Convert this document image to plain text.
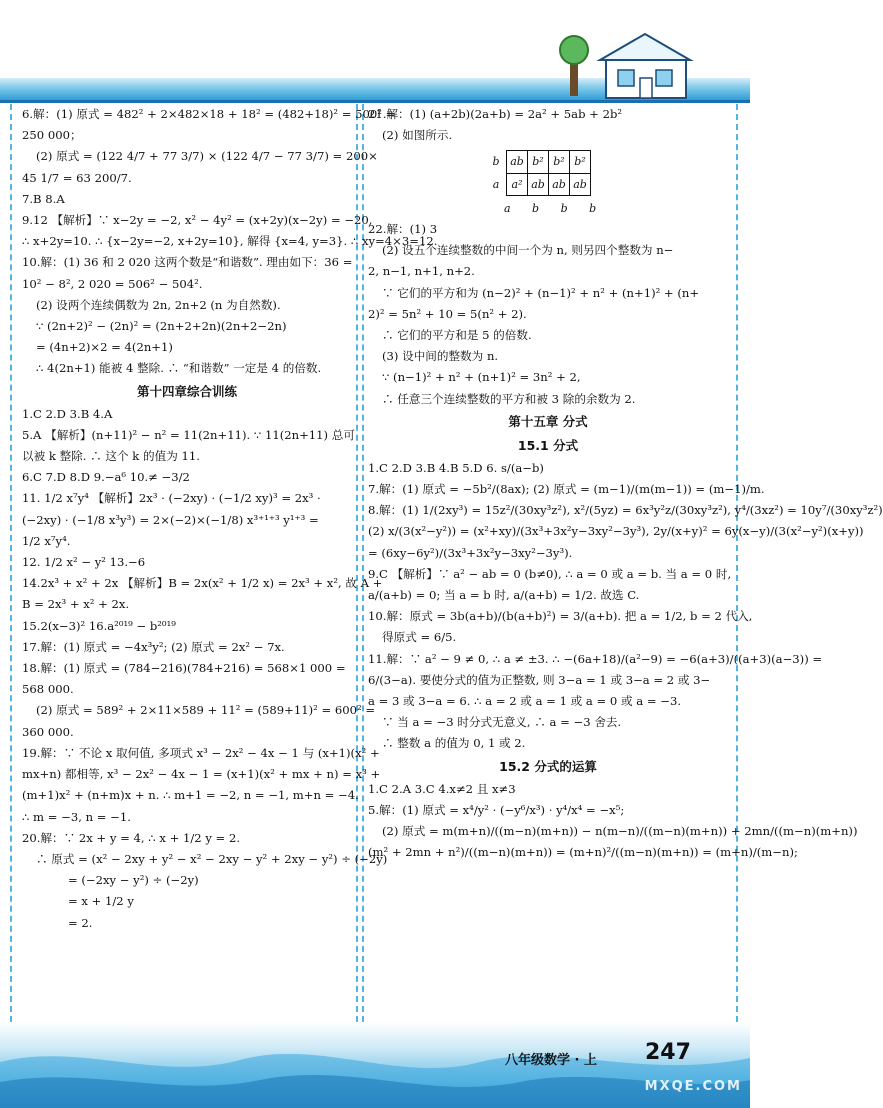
6.解：(1) 原式 = 482² + 2×482×18 + 18² = (482+18)² = 500² =
250 000；
(2) 原式 = (122 4/7 + 77 3/7) × (122 4/7 − 77 3/7) = 200×
45 1/7 = 63 200/7.
7.B 8.A
9.12 【解析】∵ x−2y = −2, x² − 4y² = (x+2y)(x−2y) = −20,
∴ x+2y=10. ∴ {x−2y=−2, x+2y=10}, 解得 {x=4, y=3}. ∴ xy=4×3=12.
10.解：(1) 36 和 2 020 这两个数是“和谐数”. 理由如下：36 =
10² − 8², 2 020 = 506² − 504².
(2) 设两个连续偶数为 2n, 2n+2 (n 为自然数).
∵ (2n+2)² − (2n)² = (2n+2+2n)(2n+2−2n)
= (4n+2)×2 = 4(2n+1)
∴ 4(2n+1) 能被 4 整除. ∴ “和谐数” 一定是 4 的倍数.
第十四章综合训练
1.C 2.D 3.B 4.A
5.A 【解析】(n+11)² − n² = 11(2n+11). ∵ 11(2n+11) 总可
以被 k 整除. ∴ 这个 k 的值为 11.
6.C 7.D 8.D 9.−a⁶ 10.≠ −3/2
11. 1/2 x⁷y⁴ 【解析】2x³ · (−2xy) · (−1/2 xy)³ = 2x³ ·
(−2xy) · (−1/8 x³y³) = 2×(−2)×(−1/8) x³⁺¹⁺³ y¹⁺³ =
1/2 x⁷y⁴.
12. 1/2 x² − y² 13.−6
14.2x³ + x² + 2x 【解析】B = 2x(x² + 1/2 x) = 2x³ + x², 故 A +
B = 2x³ + x² + 2x.
15.2(x−3)² 16.a²⁰¹⁹ − b²⁰¹⁹
17.解：(1) 原式 = −4x³y²; (2) 原式 = 2x² − 7x.
18.解：(1) 原式 = (784−216)(784+216) = 568×1 000 =
568 000.
(2) 原式 = 589² + 2×11×589 + 11² = (589+11)² = 600² =
360 000.
19.解：∵ 不论 x 取何值, 多项式 x³ − 2x² − 4x − 1 与 (x+1)(x² +
mx+n) 都相等, x³ − 2x² − 4x − 1 = (x+1)(x² + mx + n) = x³ +
(m+1)x² + (n+m)x + n. ∴ m+1 = −2, n = −1, m+n = −4.
∴ m = −3, n = −1.
20.解：∵ 2x + y = 4, ∴ x + 1/2 y = 2.
∴ 原式 = (x² − 2xy + y² − x² − 2xy − y² + 2xy − y²) ÷ (−2y)
= (−2xy − y²) ÷ (−2y)
= x + 1/2 y
= 2.
21.解：(1) (a+2b)(2a+b) = 2a² + 5ab + 2b²
(2) 如图所示.
b	ab	b²	b²	b²
a	a²	ab	ab	ab
a b b b
22.解：(1) 3
(2) 设五个连续整数的中间一个为 n, 则另四个整数为 n−
2, n−1, n+1, n+2.
∵ 它们的平方和为 (n−2)² + (n−1)² + n² + (n+1)² + (n+
2)² = 5n² + 10 = 5(n² + 2).
∴ 它们的平方和是 5 的倍数.
(3) 设中间的整数为 n.
∵ (n−1)² + n² + (n+1)² = 3n² + 2,
∴ 任意三个连续整数的平方和被 3 除的余数为 2.
第十五章 分式
15.1 分式
1.C 2.D 3.B 4.B 5.D 6. s/(a−b)
7.解：(1) 原式 = −5b²/(8ax); (2) 原式 = (m−1)/(m(m−1)) = (m−1)/m.
8.解：(1) 1/(2xy³) = 15z²/(30xy³z²), x²/(5yz) = 6x³y²z/(30xy³z²), y⁴/(3xz²) = 10y⁷/(30xy³z²)
(2) x/(3(x²−y²)) = (x²+xy)/(3x³+3x²y−3xy²−3y³), 2y/(x+y)² = 6y(x−y)/(3(x²−y²)(x+y))
= (6xy−6y²)/(3x³+3x²y−3xy²−3y³).
9.C 【解析】∵ a² − ab = 0 (b≠0), ∴ a = 0 或 a = b. 当 a = 0 时,
a/(a+b) = 0; 当 a = b 时, a/(a+b) = 1/2. 故选 C.
10.解：原式 = 3b(a+b)/(b(a+b)²) = 3/(a+b). 把 a = 1/2, b = 2 代入,
得原式 = 6/5.
11.解：∵ a² − 9 ≠ 0, ∴ a ≠ ±3. ∴ −(6a+18)/(a²−9) = −6(a+3)/((a+3)(a−3)) =
6/(3−a). 要使分式的值为正整数, 则 3−a = 1 或 3−a = 2 或 3−
a = 3 或 3−a = 6. ∴ a = 2 或 a = 1 或 a = 0 或 a = −3.
∵ 当 a = −3 时分式无意义, ∴ a = −3 舍去.
∴ 整数 a 的值为 0, 1 或 2.
15.2 分式的运算
1.C 2.A 3.C 4.x≠2 且 x≠3
5.解：(1) 原式 = x⁴/y² · (−y⁶/x³) · y⁴/x⁴ = −x⁵;
(2) 原式 = m(m+n)/((m−n)(m+n)) − n(m−n)/((m−n)(m+n)) + 2mn/((m−n)(m+n))
(m² + 2mn + n²)/((m−n)(m+n)) = (m+n)²/((m−n)(m+n)) = (m+n)/(m−n);
八年级数学 · 上 247
MXQE.COM
